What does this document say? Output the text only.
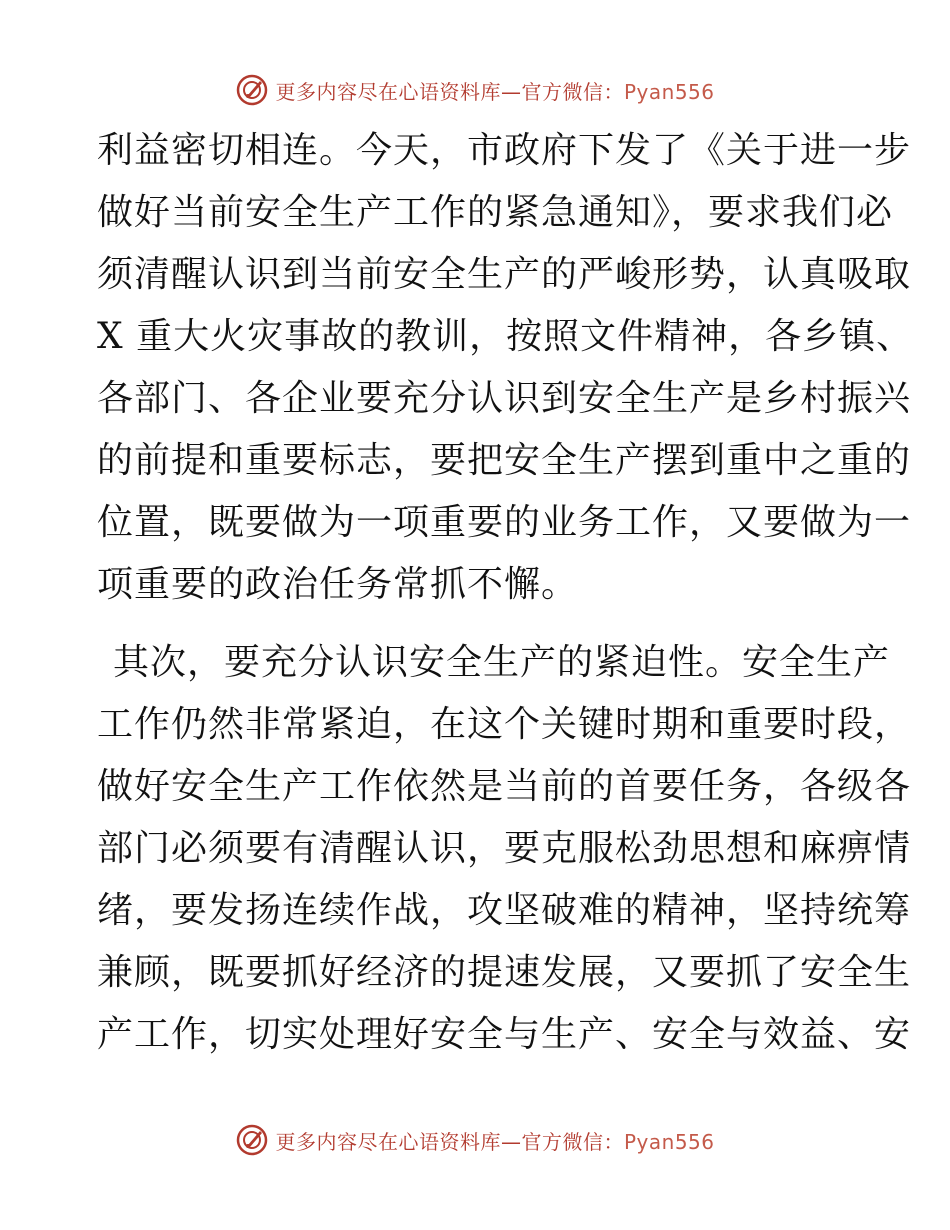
更多内容尽在心语资料库—官方微信：Pyan556
利益密切相连。今天，市政府下发了《关于进一步
做好当前安全生产工作的紧急通知》，要求我们必
须清醒认识到当前安全生产的严峻形势，认真吸取
X 重大火灾事故的教训，按照文件精神，各乡镇、
各部门、各企业要充分认识到安全生产是乡村振兴
的前提和重要标志，要把安全生产摆到重中之重的
位置，既要做为一项重要的业务工作，又要做为一
项重要的政治任务常抓不懈。
其次，要充分认识安全生产的紧迫性。安全生产
工作仍然非常紧迫，在这个关键时期和重要时段，
做好安全生产工作依然是当前的首要任务，各级各
部门必须要有清醒认识，要克服松劲思想和麻痹情
绪，要发扬连续作战，攻坚破难的精神，坚持统筹
兼顾，既要抓好经济的提速发展，又要抓了安全生
产工作，切实处理好安全与生产、安全与效益、安
更多内容尽在心语资料库—官方微信：Pyan556
